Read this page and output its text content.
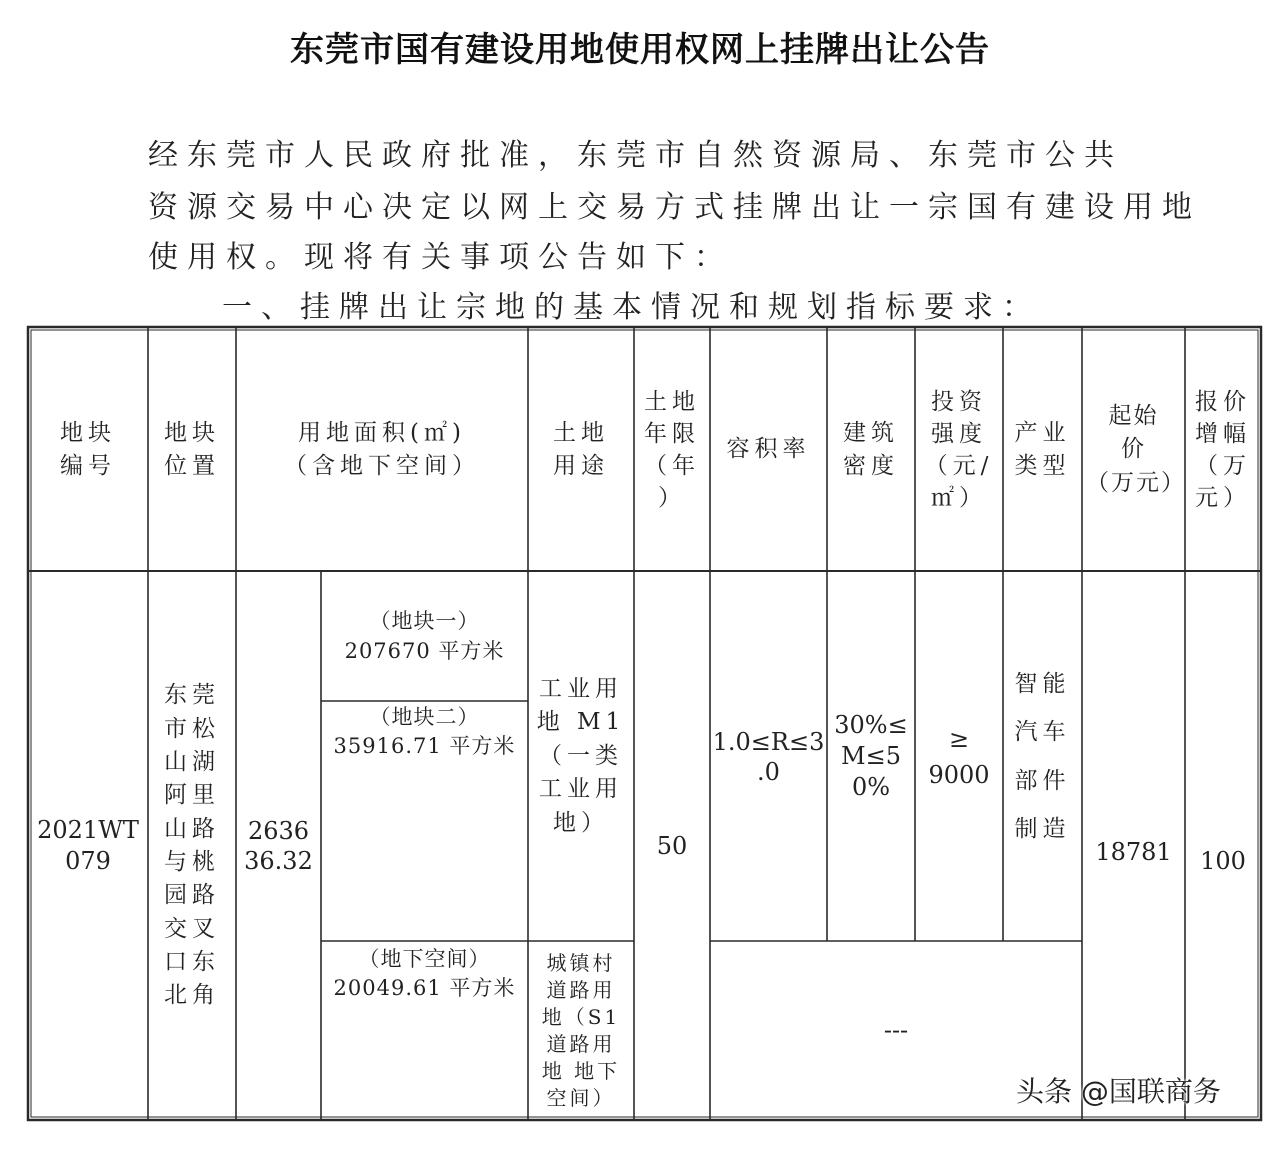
东莞市国有建设用地使用权网上挂牌出让公告
经东莞市人民政府批准，东莞市自然资源局、东莞市公共
资源交易中心决定以网上交易方式挂牌出让一宗国有建设用地
使用权。现将有关事项公告如下：
一、挂牌出让宗地的基本情况和规划指标要求：
地块
编号
地块
位置
用地面积(㎡)
（含地下空间）
土地
用途
土地
年限
（年
）
容积率
建筑
密度
投资
强度
（元/
㎡）
产业
类型
起始
价
（万元）
报价
增幅
（万
元）
2021WT
079
东莞
市松
山湖
阿里
山路
与桃
园路
交叉
口东
北角
2636
36.32
（地块一）
207670 平方米
（地块二）
35916.71 平方米
（地下空间）
20049.61 平方米
工业用
地 M1
（一类
工业用
地）
城镇村
道路用
地（S1
道路用
地 地下
空间）
50
1.0≤R≤3
.0
30%≤
M≤5
0%
≥
9000
智能
汽车
部件
制造
---
18781	100
头条 @国联商务
